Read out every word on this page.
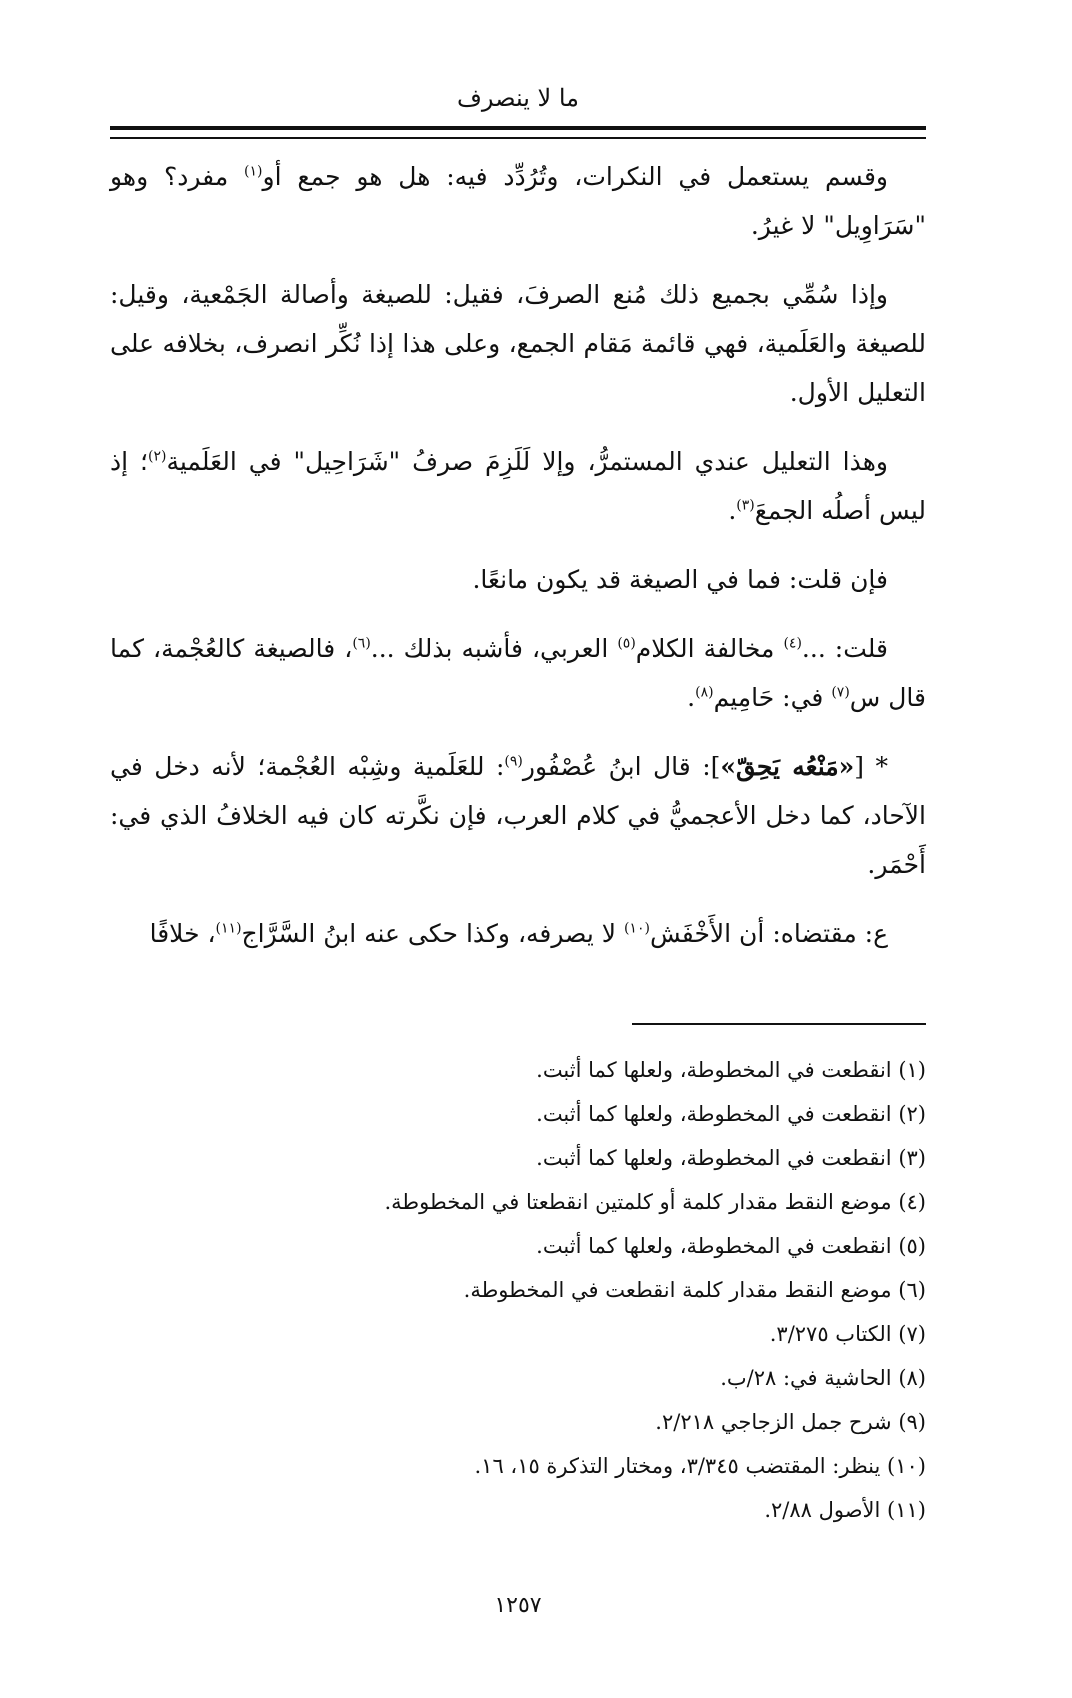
ما لا ينصرف

وقسم يستعمل في النكرات، وتُرُدِّد فيه: هل هو جمع أو$^{(١)}$ مفرد؟ وهو "سَرَاوِيل" لا غيرُ.

وإذا سُمِّي بجميع ذلك مُنع الصرفَ، فقيل: للصيغة وأصالة الجَمْعية، وقيل: للصيغة والعَلَمية، فهي قائمة مَقام الجمع، وعلى هذا إذا نُكِّر انصرف، بخلافه على التعليل الأول.

وهذا التعليل عندي المستمرُّ، وإلا لَلَزِمَ صرفُ "شَرَاحِيل" في العَلَمية$^{(٢)}$؛ إذ ليس أصلُه الجمعَ$^{(٣)}$.

فإن قلت: فما في الصيغة قد يكون مانعًا.

قلت: ...$^{(٤)}$ مخالفة الكلام$^{(٥)}$ العربي، فأشبه بذلك ...$^{(٦)}$، فالصيغة كالعُجْمة، كما قال س$^{(٧)}$ في: حَامِيم$^{(٨)}$.

* [«مَنْعُه يَحِقّ»]: قال ابنُ عُصْفُور$^{(٩)}$: للعَلَمية وشِبْه العُجْمة؛ لأنه دخل في الآحاد، كما دخل الأعجميُّ في كلام العرب، فإن نكَّرته كان فيه الخلافُ الذي في: أَحْمَر.

ع: مقتضاه: أن الأَخْفَش$^{(١٠)}$ لا يصرفه، وكذا حكى عنه ابنُ السَّرَّاج$^{(١١)}$، خلافًا

(١) انقطعت في المخطوطة، ولعلها كما أثبت.
(٢) انقطعت في المخطوطة، ولعلها كما أثبت.
(٣) انقطعت في المخطوطة، ولعلها كما أثبت.
(٤) موضع النقط مقدار كلمة أو كلمتين انقطعتا في المخطوطة.
(٥) انقطعت في المخطوطة، ولعلها كما أثبت.
(٦) موضع النقط مقدار كلمة انقطعت في المخطوطة.
(٧) الكتاب ٣/٢٧٥.
(٨) الحاشية في: ٢٨/ب.
(٩) شرح جمل الزجاجي ٢/٢١٨.
(١٠) ينظر: المقتضب ٣/٣٤٥، ومختار التذكرة ١٥، ١٦.
(١١) الأصول ٢/٨٨.
١٢٥٧
